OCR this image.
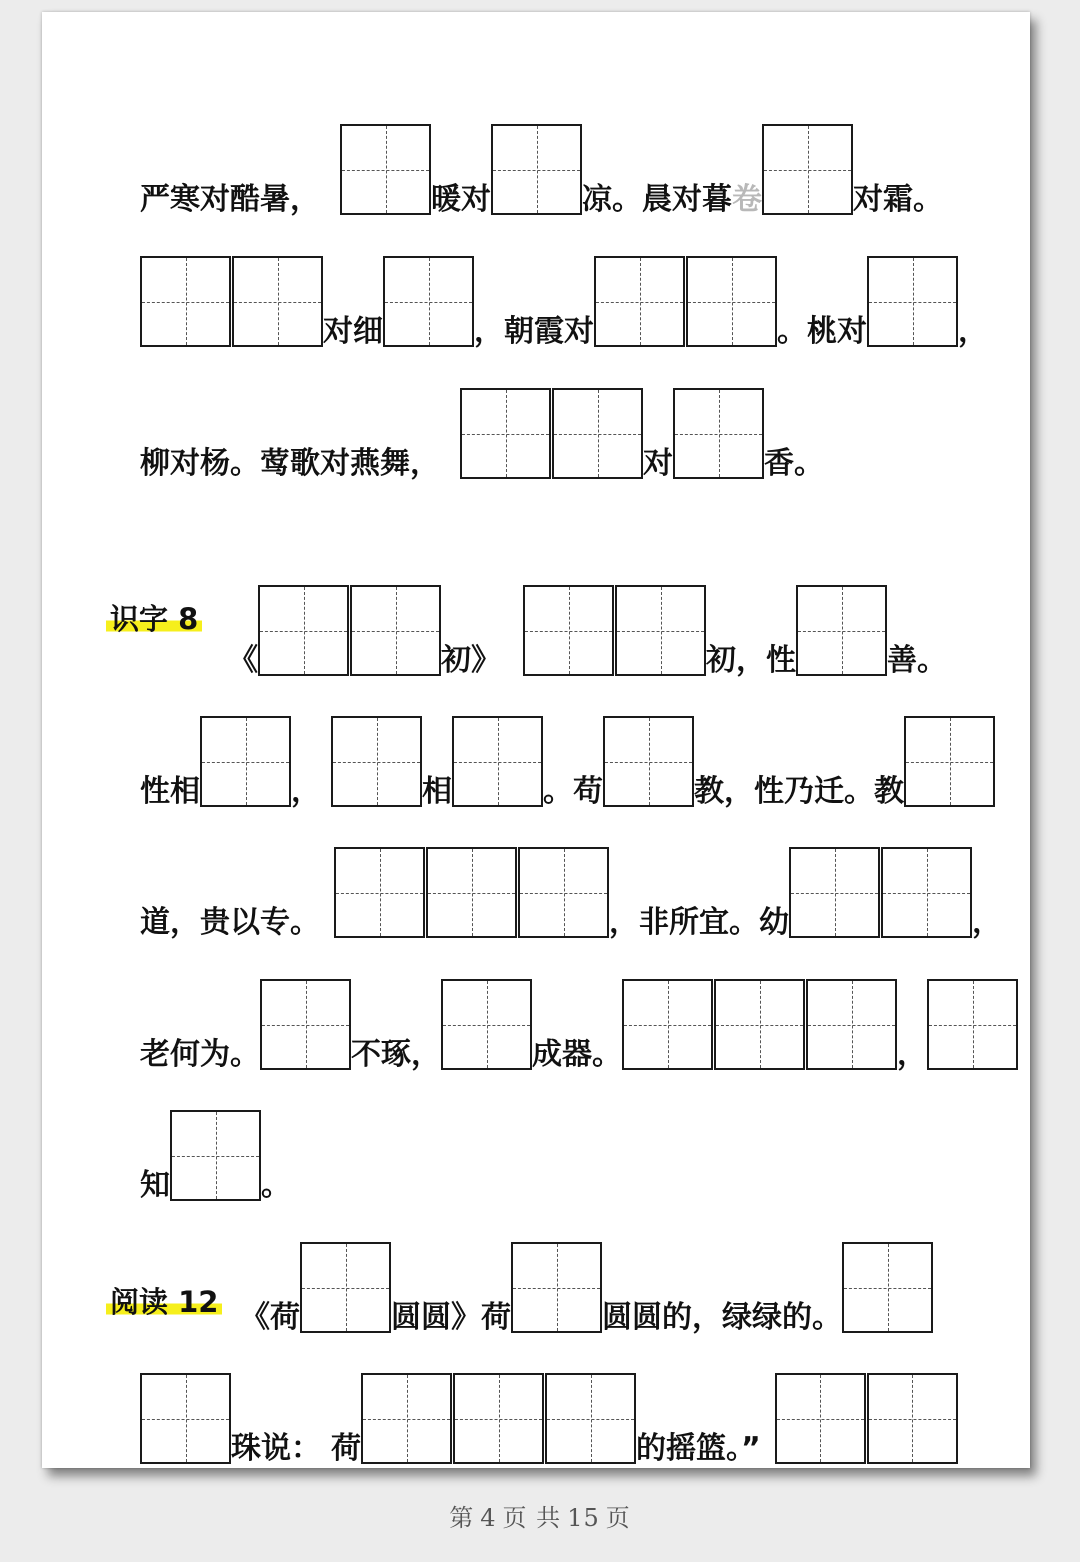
严寒对酷暑，	暖对	凉。 晨对暮 卷	对霜。
对细	，朝霞对	。桃对	，
柳对杨。莺歌对燕舞，	对	香。
识字 8
《	初》	初，性	善。
性相	，	相	。苟	教，性乃迁。教
道，贵以专。	，非所宜。幼	，
老何为。	不琢，	成器。	，
知	。
阅读 12 《荷	圆圆》荷	圆圆的，绿绿的。
珠说： 荷	的摇篮。”
第 4 页 共 15 页
